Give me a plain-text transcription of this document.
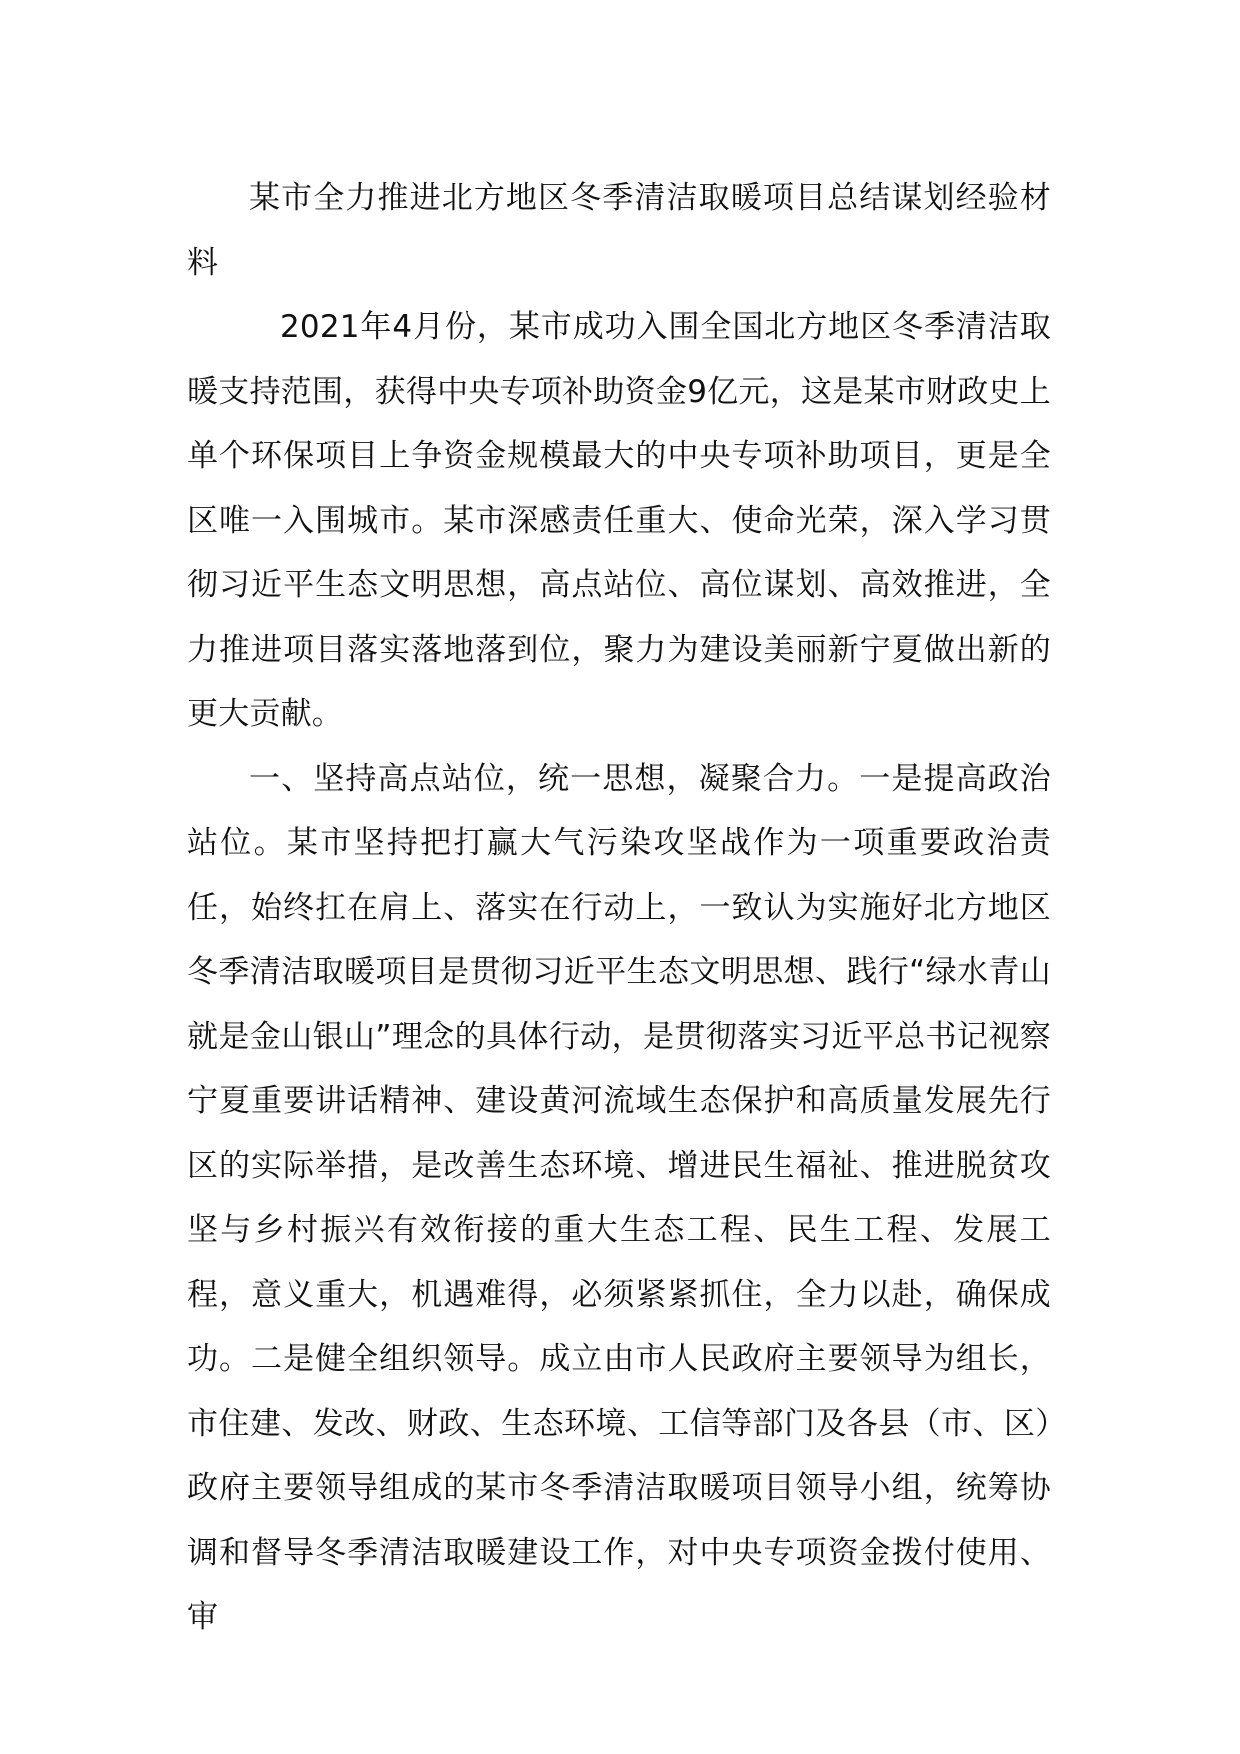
某市全力推进北方地区冬季清洁取暖项目总结谋划经验材料

2021年4月份，某市成功入围全国北方地区冬季清洁取暖支持范围，获得中央专项补助资金9亿元，这是某市财政史上单个环保项目上争资金规模最大的中央专项补助项目，更是全区唯一入围城市。某市深感责任重大、使命光荣，深入学习贯彻习近平生态文明思想，高点站位、高位谋划、高效推进，全力推进项目落实落地落到位，聚力为建设美丽新宁夏做出新的更大贡献。

一、坚持高点站位，统一思想，凝聚合力。一是提高政治站位。某市坚持把打赢大气污染攻坚战作为一项重要政治责任，始终扛在肩上、落实在行动上，一致认为实施好北方地区冬季清洁取暖项目是贯彻习近平生态文明思想、践行“绿水青山就是金山银山”理念的具体行动，是贯彻落实习近平总书记视察宁夏重要讲话精神、建设黄河流域生态保护和高质量发展先行区的实际举措，是改善生态环境、增进民生福祉、推进脱贫攻坚与乡村振兴有效衔接的重大生态工程、民生工程、发展工程，意义重大，机遇难得，必须紧紧抓住，全力以赴，确保成功。二是健全组织领导。成立由市人民政府主要领导为组长，市住建、发改、财政、生态环境、工信等部门及各县（市、区）政府主要领导组成的某市冬季清洁取暖项目领导小组，统筹协调和督导冬季清洁取暖建设工作，对中央专项资金拨付使用、审
